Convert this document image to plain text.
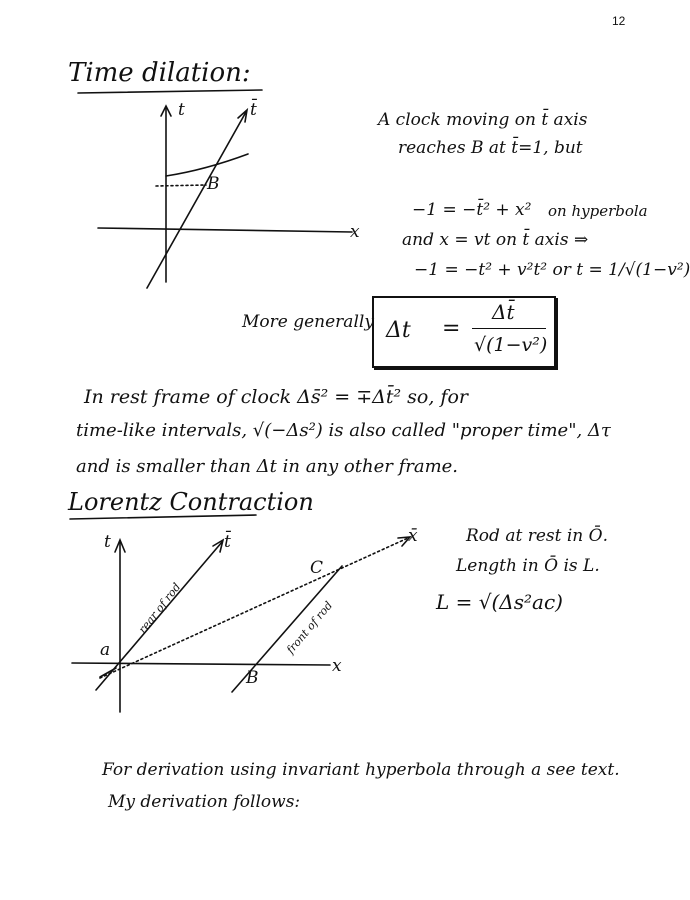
12
Time dilation:
t	t̄
x
B
A clock moving on t̄ axis
reaches B at t̄=1, but
−1 = −t̄² + x² on hyperbola
and x = vt on t̄ axis ⇒
−1 = −t² + v²t² or t = 1/√(1−v²)
More generally Δt =
Δt̄
√(1−v²)
In rest frame of clock Δs̄² = ∓Δt̄² so, for
time-like intervals, √(−Δs²) is also called "proper time", Δτ
and is smaller than Δt in any other frame.
Lorentz Contraction
t	t̄
x
x̄
a
B
C
rear of rod	front of rod
Rod at rest in Ō.
Length in Ō is L.
L = √(Δs²ac)
For derivation using invariant hyperbola through a see text.
My derivation follows:
